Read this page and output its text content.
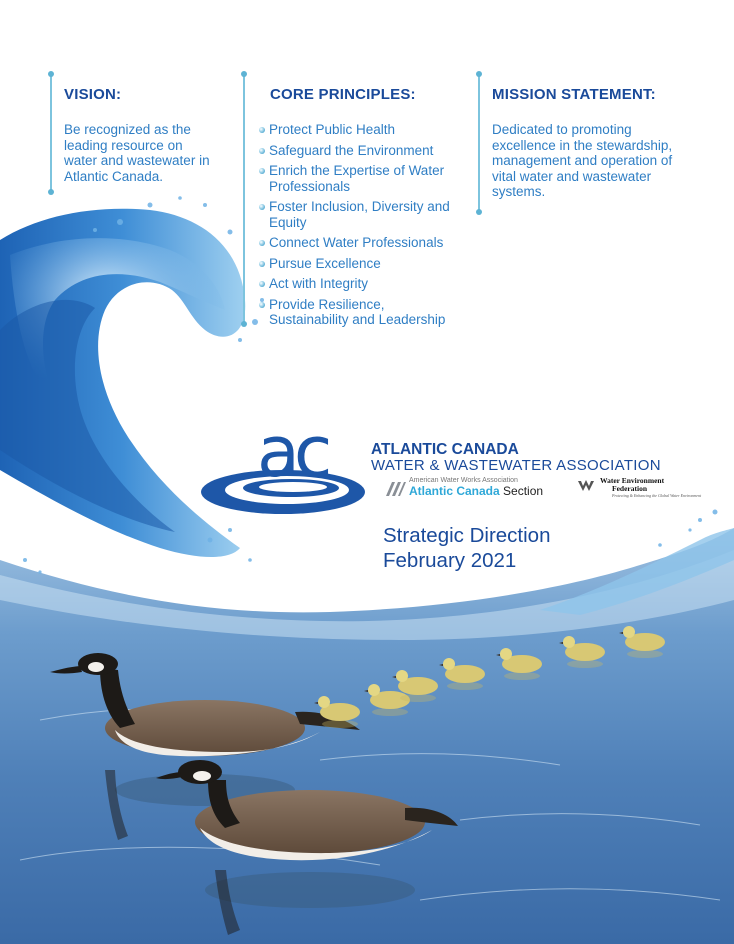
VISION:
Be recognized as the leading resource on water and wastewater in Atlantic Canada.
CORE PRINCIPLES:
Protect Public Health
Safeguard the Environment
Enrich the Expertise of Water Professionals
Foster Inclusion, Diversity and Equity
Connect Water Professionals
Pursue Excellence
Act with Integrity
Provide Resilience, Sustainability and Leadership
MISSION STATEMENT:
Dedicated to promoting excellence in the stewardship, management and operation of vital water and wastewater systems.
ac	ATLANTIC CANADA
WATER & WASTEWATER ASSOCIATION
American Water Works Association
Atlantic Canada Section
Water Environment
Federation
Protecting & Enhancing the Global Water Environment
Strategic Direction
February 2021
